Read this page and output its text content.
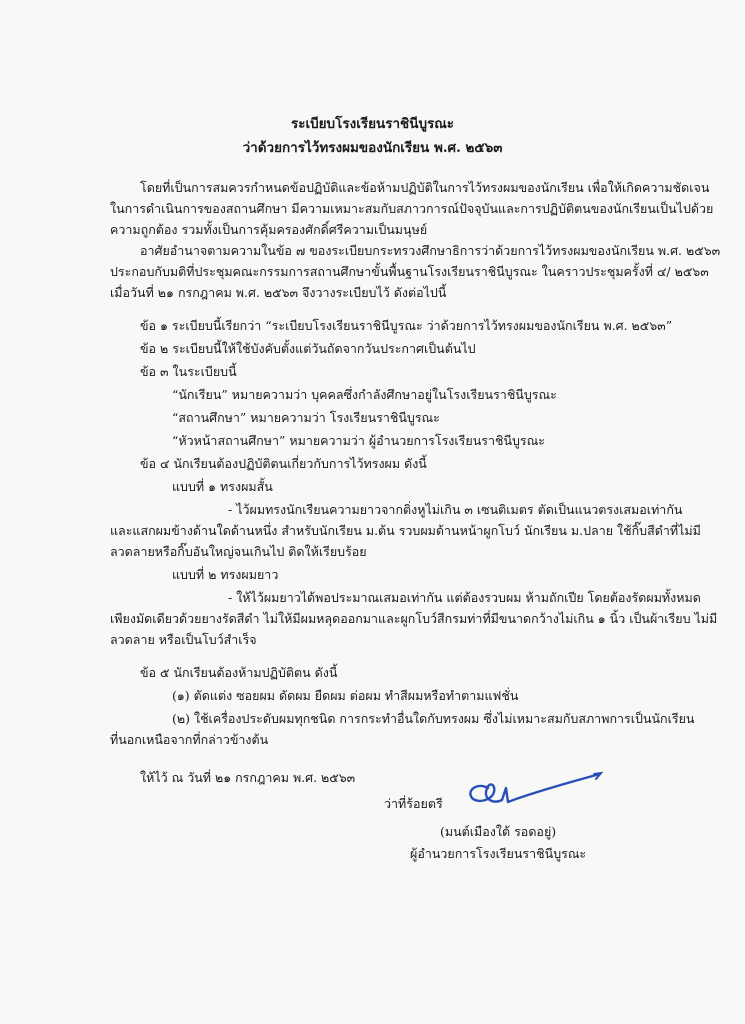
ระเบียบโรงเรียนราชินีบูรณะ
ว่าด้วยการไว้ทรงผมของนักเรียน พ.ศ. ๒๕๖๓
โดยที่เป็นการสมควรกำหนดข้อปฏิบัติและข้อห้ามปฏิบัติในการไว้ทรงผมของนักเรียน เพื่อให้เกิดความชัดเจน
ในการดำเนินการของสถานศึกษา มีความเหมาะสมกับสภาวการณ์ปัจจุบันและการปฏิบัติตนของนักเรียนเป็นไปด้วย
ความถูกต้อง รวมทั้งเป็นการคุ้มครองศักดิ์ศรีความเป็นมนุษย์
อาศัยอำนาจตามความในข้อ ๗ ของระเบียบกระทรวงศึกษาธิการว่าด้วยการไว้ทรงผมของนักเรียน พ.ศ. ๒๕๖๓
ประกอบกับมติที่ประชุมคณะกรรมการสถานศึกษาขั้นพื้นฐานโรงเรียนราชินีบูรณะ ในคราวประชุมครั้งที่ ๔/ ๒๕๖๓
เมื่อวันที่ ๒๑ กรกฎาคม พ.ศ. ๒๕๖๓ จึงวางระเบียบไว้ ดังต่อไปนี้
ข้อ ๑ ระเบียบนี้เรียกว่า “ระเบียบโรงเรียนราชินีบูรณะ ว่าด้วยการไว้ทรงผมของนักเรียน พ.ศ. ๒๕๖๓”
ข้อ ๒ ระเบียบนี้ให้ใช้บังคับตั้งแต่วันถัดจากวันประกาศเป็นต้นไป
ข้อ ๓ ในระเบียบนี้
“นักเรียน” หมายความว่า บุคคลซึ่งกำลังศึกษาอยู่ในโรงเรียนราชินีบูรณะ
“สถานศึกษา” หมายความว่า โรงเรียนราชินีบูรณะ
“หัวหน้าสถานศึกษา” หมายความว่า ผู้อำนวยการโรงเรียนราชินีบูรณะ
ข้อ ๔ นักเรียนต้องปฏิบัติตนเกี่ยวกับการไว้ทรงผม ดังนี้
แบบที่ ๑ ทรงผมสั้น
- ไว้ผมทรงนักเรียนความยาวจากติ่งหูไม่เกิน ๓ เซนติเมตร ตัดเป็นแนวตรงเสมอเท่ากัน
และแสกผมข้างด้านใดด้านหนึ่ง สำหรับนักเรียน ม.ต้น รวบผมด้านหน้าผูกโบว์ นักเรียน ม.ปลาย ใช้กิ๊บสีดำที่ไม่มี
ลวดลายหรือกิ๊บอันใหญ่จนเกินไป ติดให้เรียบร้อย
แบบที่ ๒ ทรงผมยาว
- ให้ไว้ผมยาวได้พอประมาณเสมอเท่ากัน แต่ต้องรวบผม ห้ามถักเปีย โดยต้องรัดผมทั้งหมด
เพียงมัดเดียวด้วยยางรัดสีดำ ไม่ให้มีผมหลุดออกมาและผูกโบว์สีกรมท่าที่มีขนาดกว้างไม่เกิน ๑ นิ้ว เป็นผ้าเรียบ ไม่มี
ลวดลาย หรือเป็นโบว์สำเร็จ
ข้อ ๕ นักเรียนต้องห้ามปฏิบัติตน ดังนี้
(๑) ตัดแต่ง ซอยผม ดัดผม ยืดผม ต่อผม ทำสีผมหรือทำตามแฟชั่น
(๒) ใช้เครื่องประดับผมทุกชนิด การกระทำอื่นใดกับทรงผม ซึ่งไม่เหมาะสมกับสภาพการเป็นนักเรียน
ที่นอกเหนือจากที่กล่าวข้างต้น
ให้ไว้ ณ วันที่ ๒๑ กรกฎาคม พ.ศ. ๒๕๖๓
ว่าที่ร้อยตรี
(มนต์เมืองใต้ รอดอยู่)
ผู้อำนวยการโรงเรียนราชินีบูรณะ
